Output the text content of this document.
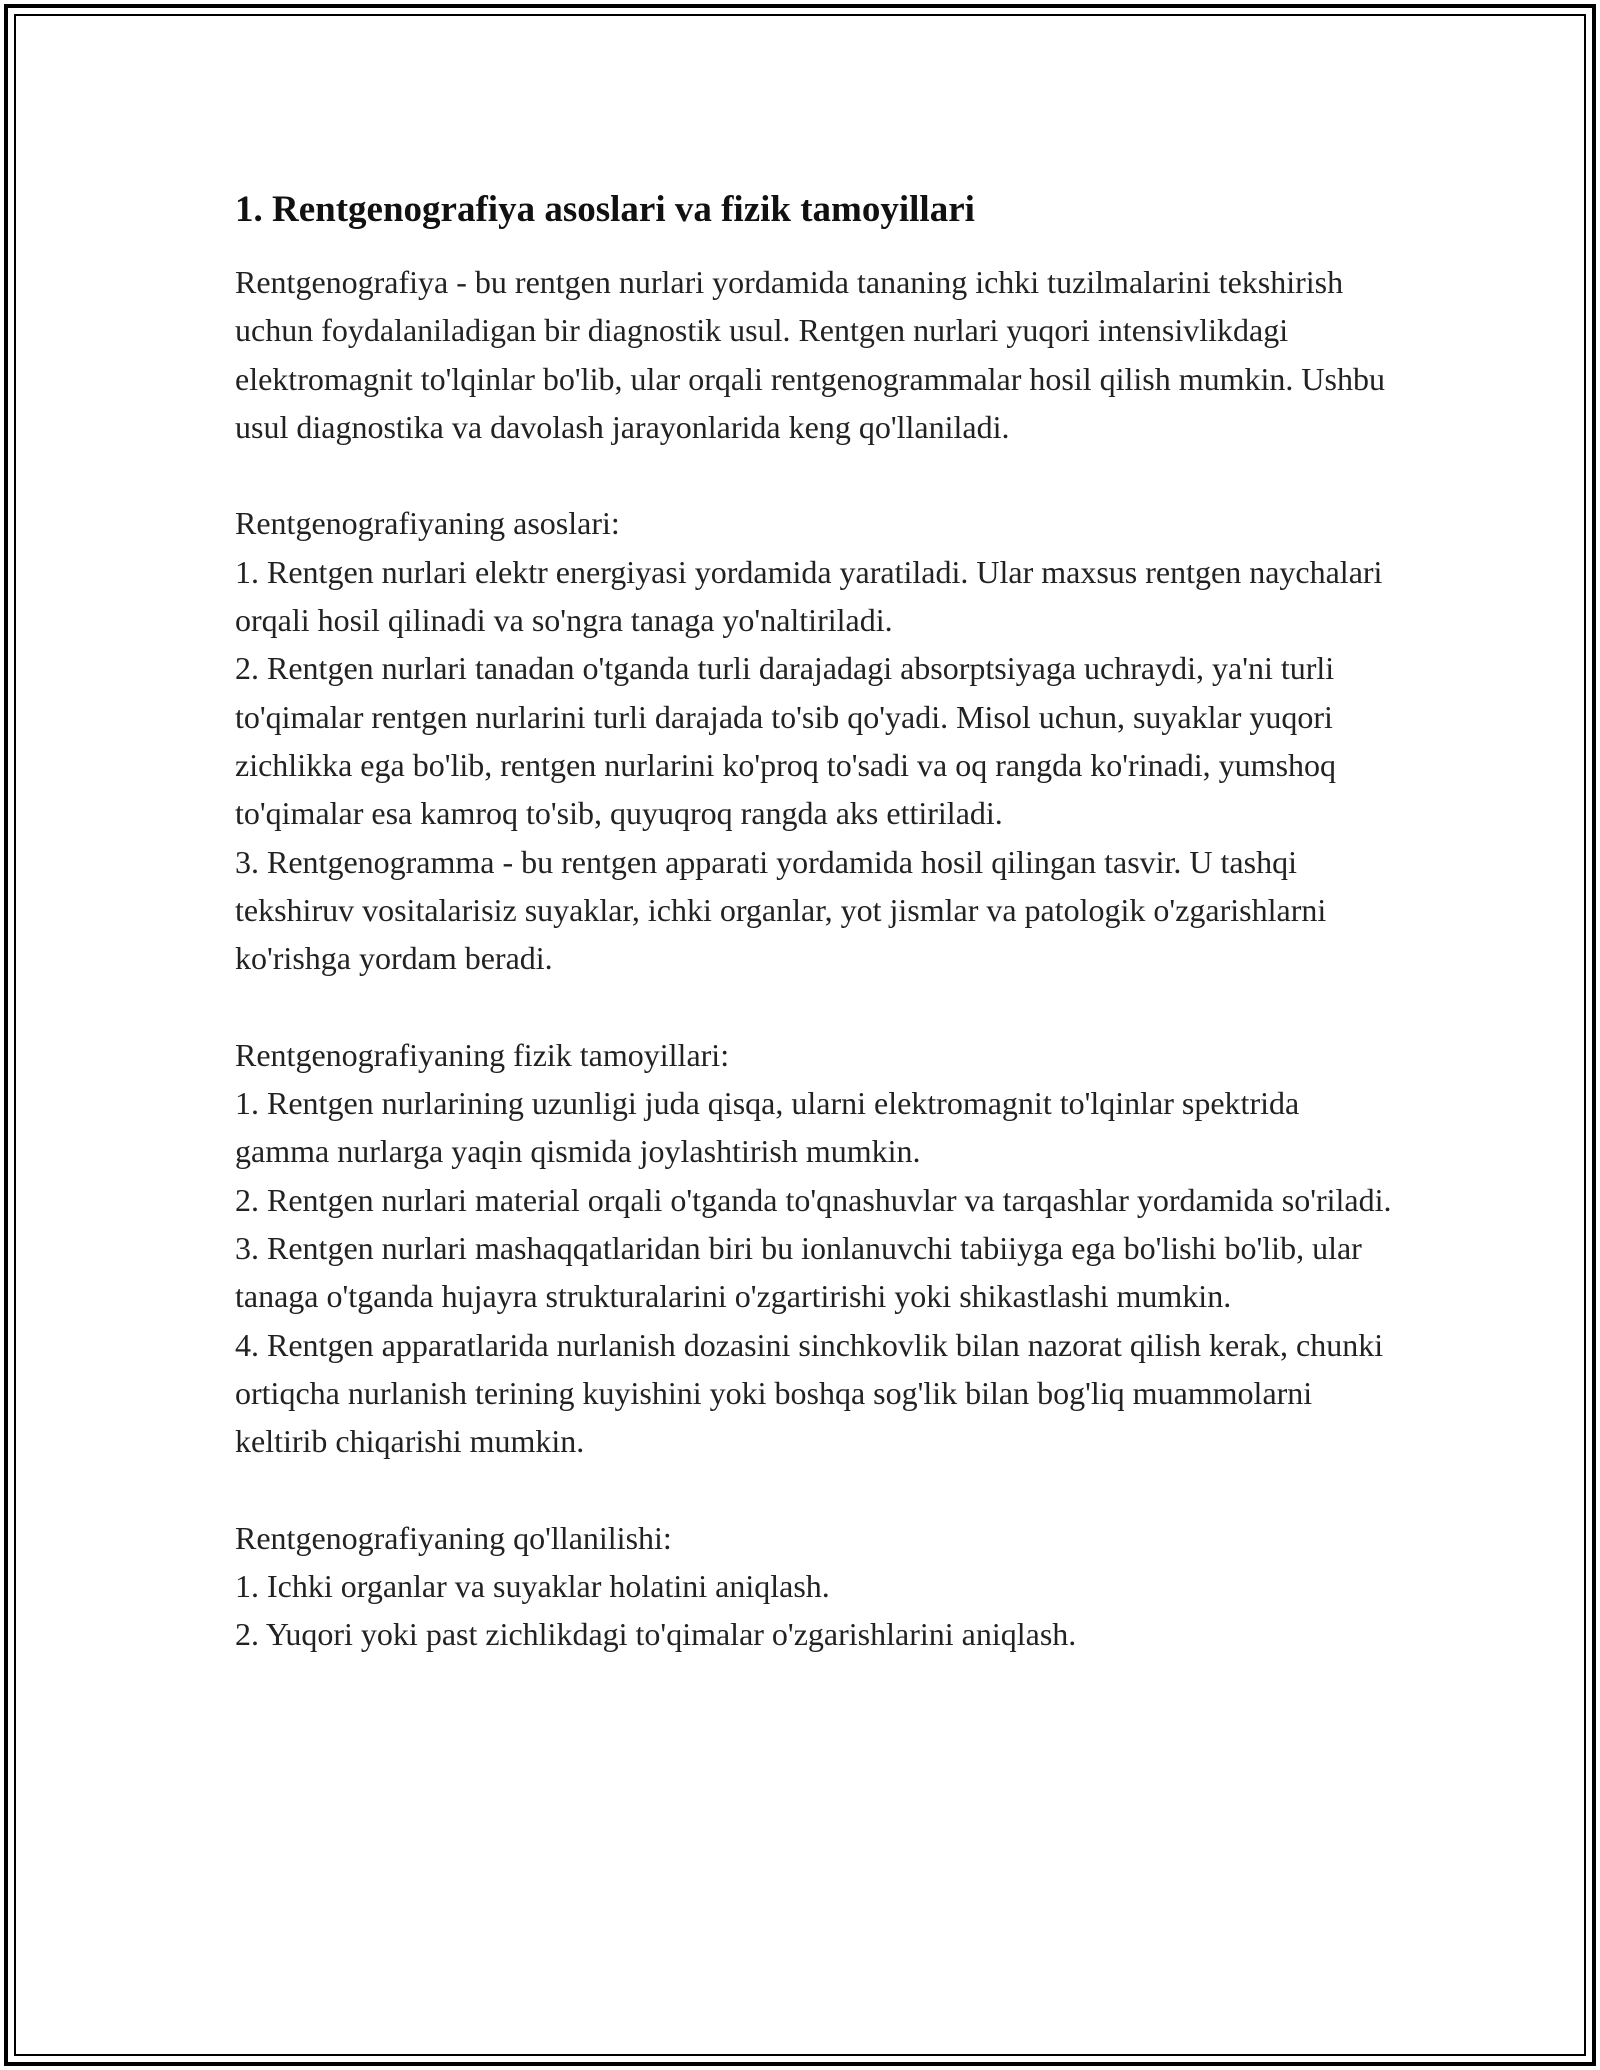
1. Rentgenografiya asoslari va fizik tamoyillari

Rentgenografiya - bu rentgen nurlari yordamida tananing ichki tuzilmalarini tekshirish uchun foydalaniladigan bir diagnostik usul. Rentgen nurlari yuqori intensivlikdagi elektromagnit to'lqinlar bo'lib, ular orqali rentgenogrammalar hosil qilish mumkin. Ushbu usul diagnostika va davolash jarayonlarida keng qo'llaniladi.

Rentgenografiyaning asoslari:

1. Rentgen nurlari elektr energiyasi yordamida yaratiladi. Ular maxsus rentgen naychalari orqali hosil qilinadi va so'ngra tanaga yo'naltiriladi.

2. Rentgen nurlari tanadan o'tganda turli darajadagi absorptsiyaga uchraydi, ya'ni turli to'qimalar rentgen nurlarini turli darajada to'sib qo'yadi. Misol uchun, suyaklar yuqori zichlikka ega bo'lib, rentgen nurlarini ko'proq to'sadi va oq rangda ko'rinadi, yumshoq to'qimalar esa kamroq to'sib, quyuqroq rangda aks ettiriladi.

3. Rentgenogramma - bu rentgen apparati yordamida hosil qilingan tasvir. U tashqi tekshiruv vositalarisiz suyaklar, ichki organlar, yot jismlar va patologik o'zgarishlarni ko'rishga yordam beradi.

Rentgenografiyaning fizik tamoyillari:

1. Rentgen nurlarining uzunligi juda qisqa, ularni elektromagnit to'lqinlar spektrida gamma nurlarga yaqin qismida joylashtirish mumkin.

2. Rentgen nurlari material orqali o'tganda to'qnashuvlar va tarqashlar yordamida so'riladi.

3. Rentgen nurlari mashaqqatlaridan biri bu ionlanuvchi tabiiyga ega bo'lishi bo'lib, ular tanaga o'tganda hujayra strukturalarini o'zgartirishi yoki shikastlashi mumkin.

4. Rentgen apparatlarida nurlanish dozasini sinchkovlik bilan nazorat qilish kerak, chunki ortiqcha nurlanish terining kuyishini yoki boshqa sog'lik bilan bog'liq muammolarni keltirib chiqarishi mumkin.

Rentgenografiyaning qo'llanilishi:

1. Ichki organlar va suyaklar holatini aniqlash.

2. Yuqori yoki past zichlikdagi to'qimalar o'zgarishlarini aniqlash.
